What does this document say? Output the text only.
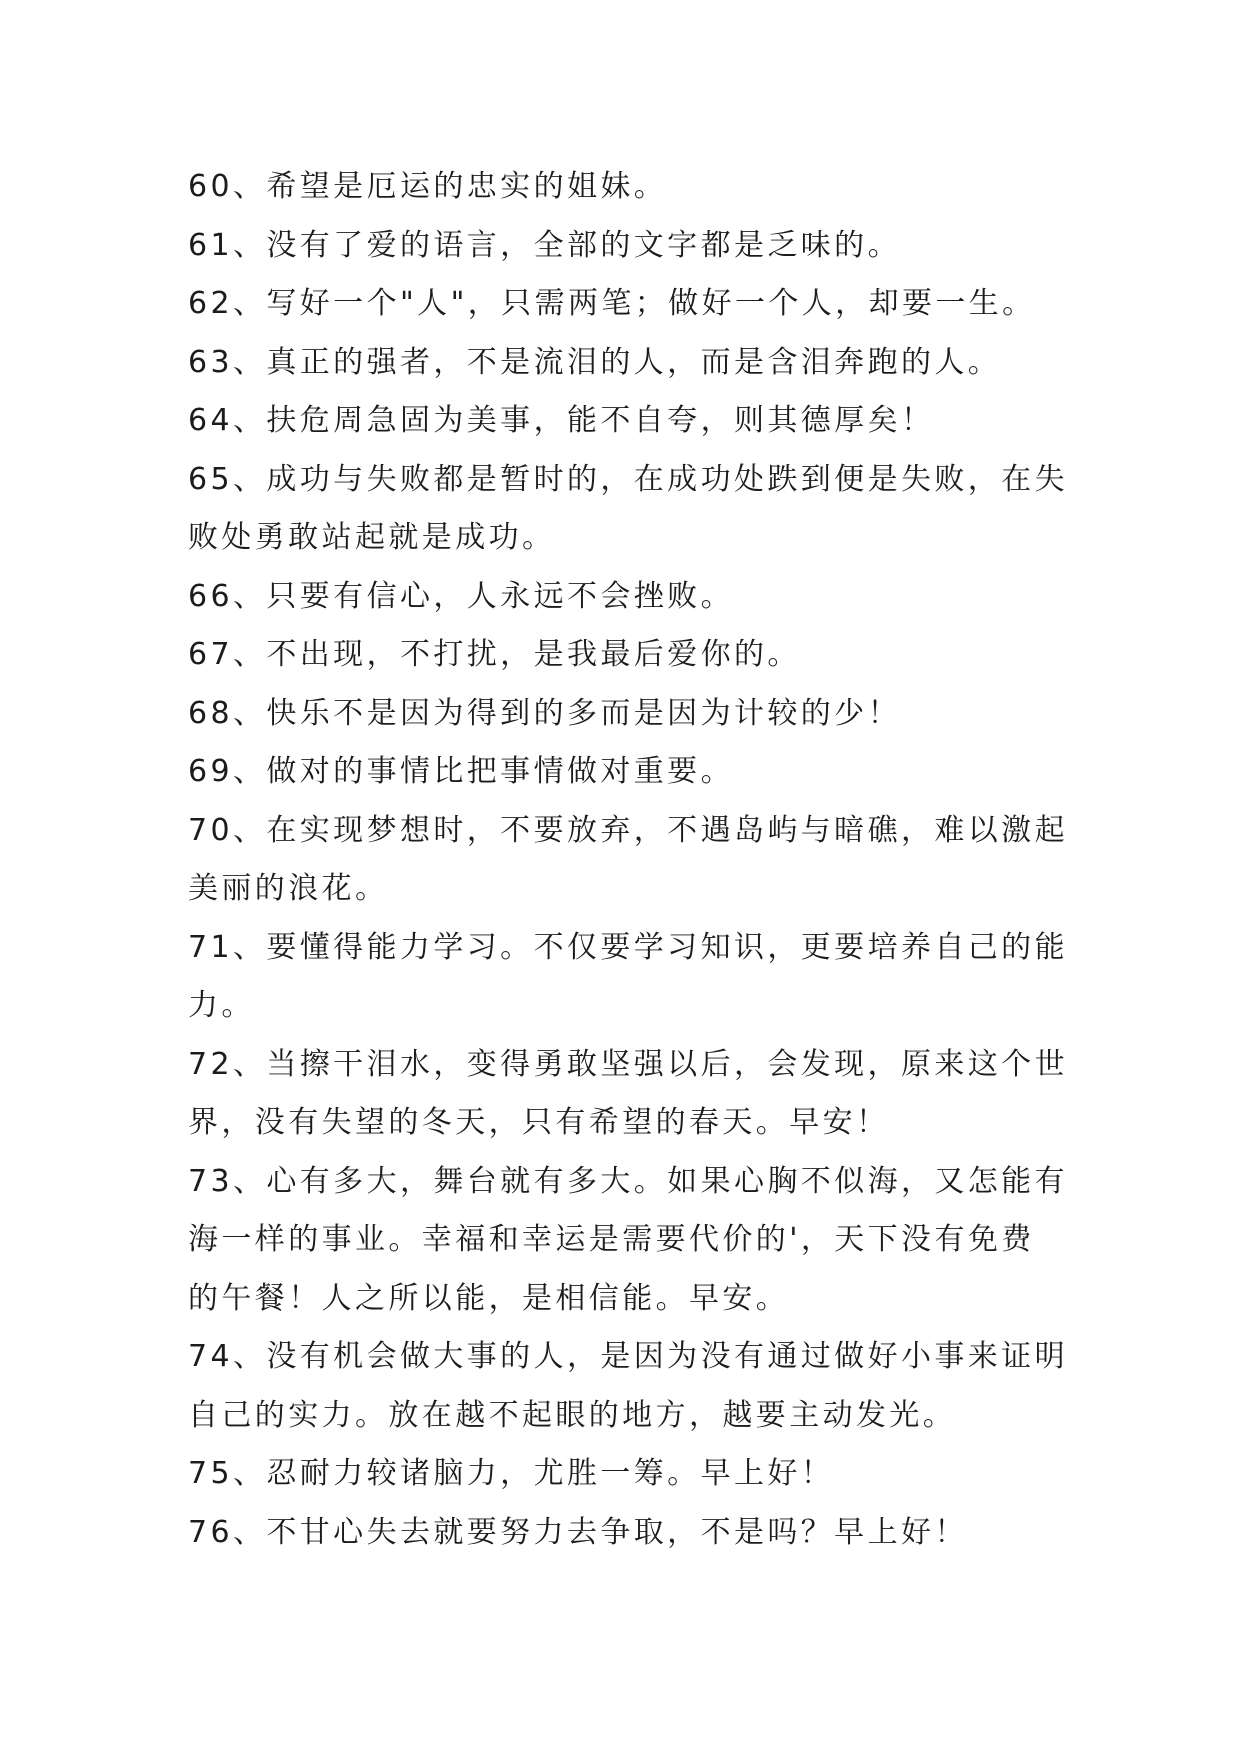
60、希望是厄运的忠实的姐妹。
61、没有了爱的语言，全部的文字都是乏味的。
62、写好一个"人"，只需两笔；做好一个人，却要一生。
63、真正的强者，不是流泪的人，而是含泪奔跑的人。
64、扶危周急固为美事，能不自夸，则其德厚矣！
65、成功与失败都是暂时的，在成功处跌到便是失败，在失
败处勇敢站起就是成功。
66、只要有信心，人永远不会挫败。
67、不出现，不打扰，是我最后爱你的。
68、快乐不是因为得到的多而是因为计较的少！
69、做对的事情比把事情做对重要。
70、在实现梦想时，不要放弃，不遇岛屿与暗礁，难以激起
美丽的浪花。
71、要懂得能力学习。不仅要学习知识，更要培养自己的能
力。
72、当擦干泪水，变得勇敢坚强以后，会发现，原来这个世
界，没有失望的冬天，只有希望的春天。早安！
73、心有多大，舞台就有多大。如果心胸不似海，又怎能有
海一样的事业。幸福和幸运是需要代价的'，天下没有免费
的午餐！人之所以能，是相信能。早安。
74、没有机会做大事的人，是因为没有通过做好小事来证明
自己的实力。放在越不起眼的地方，越要主动发光。
75、忍耐力较诸脑力，尤胜一筹。早上好！
76、不甘心失去就要努力去争取，不是吗？早上好！
